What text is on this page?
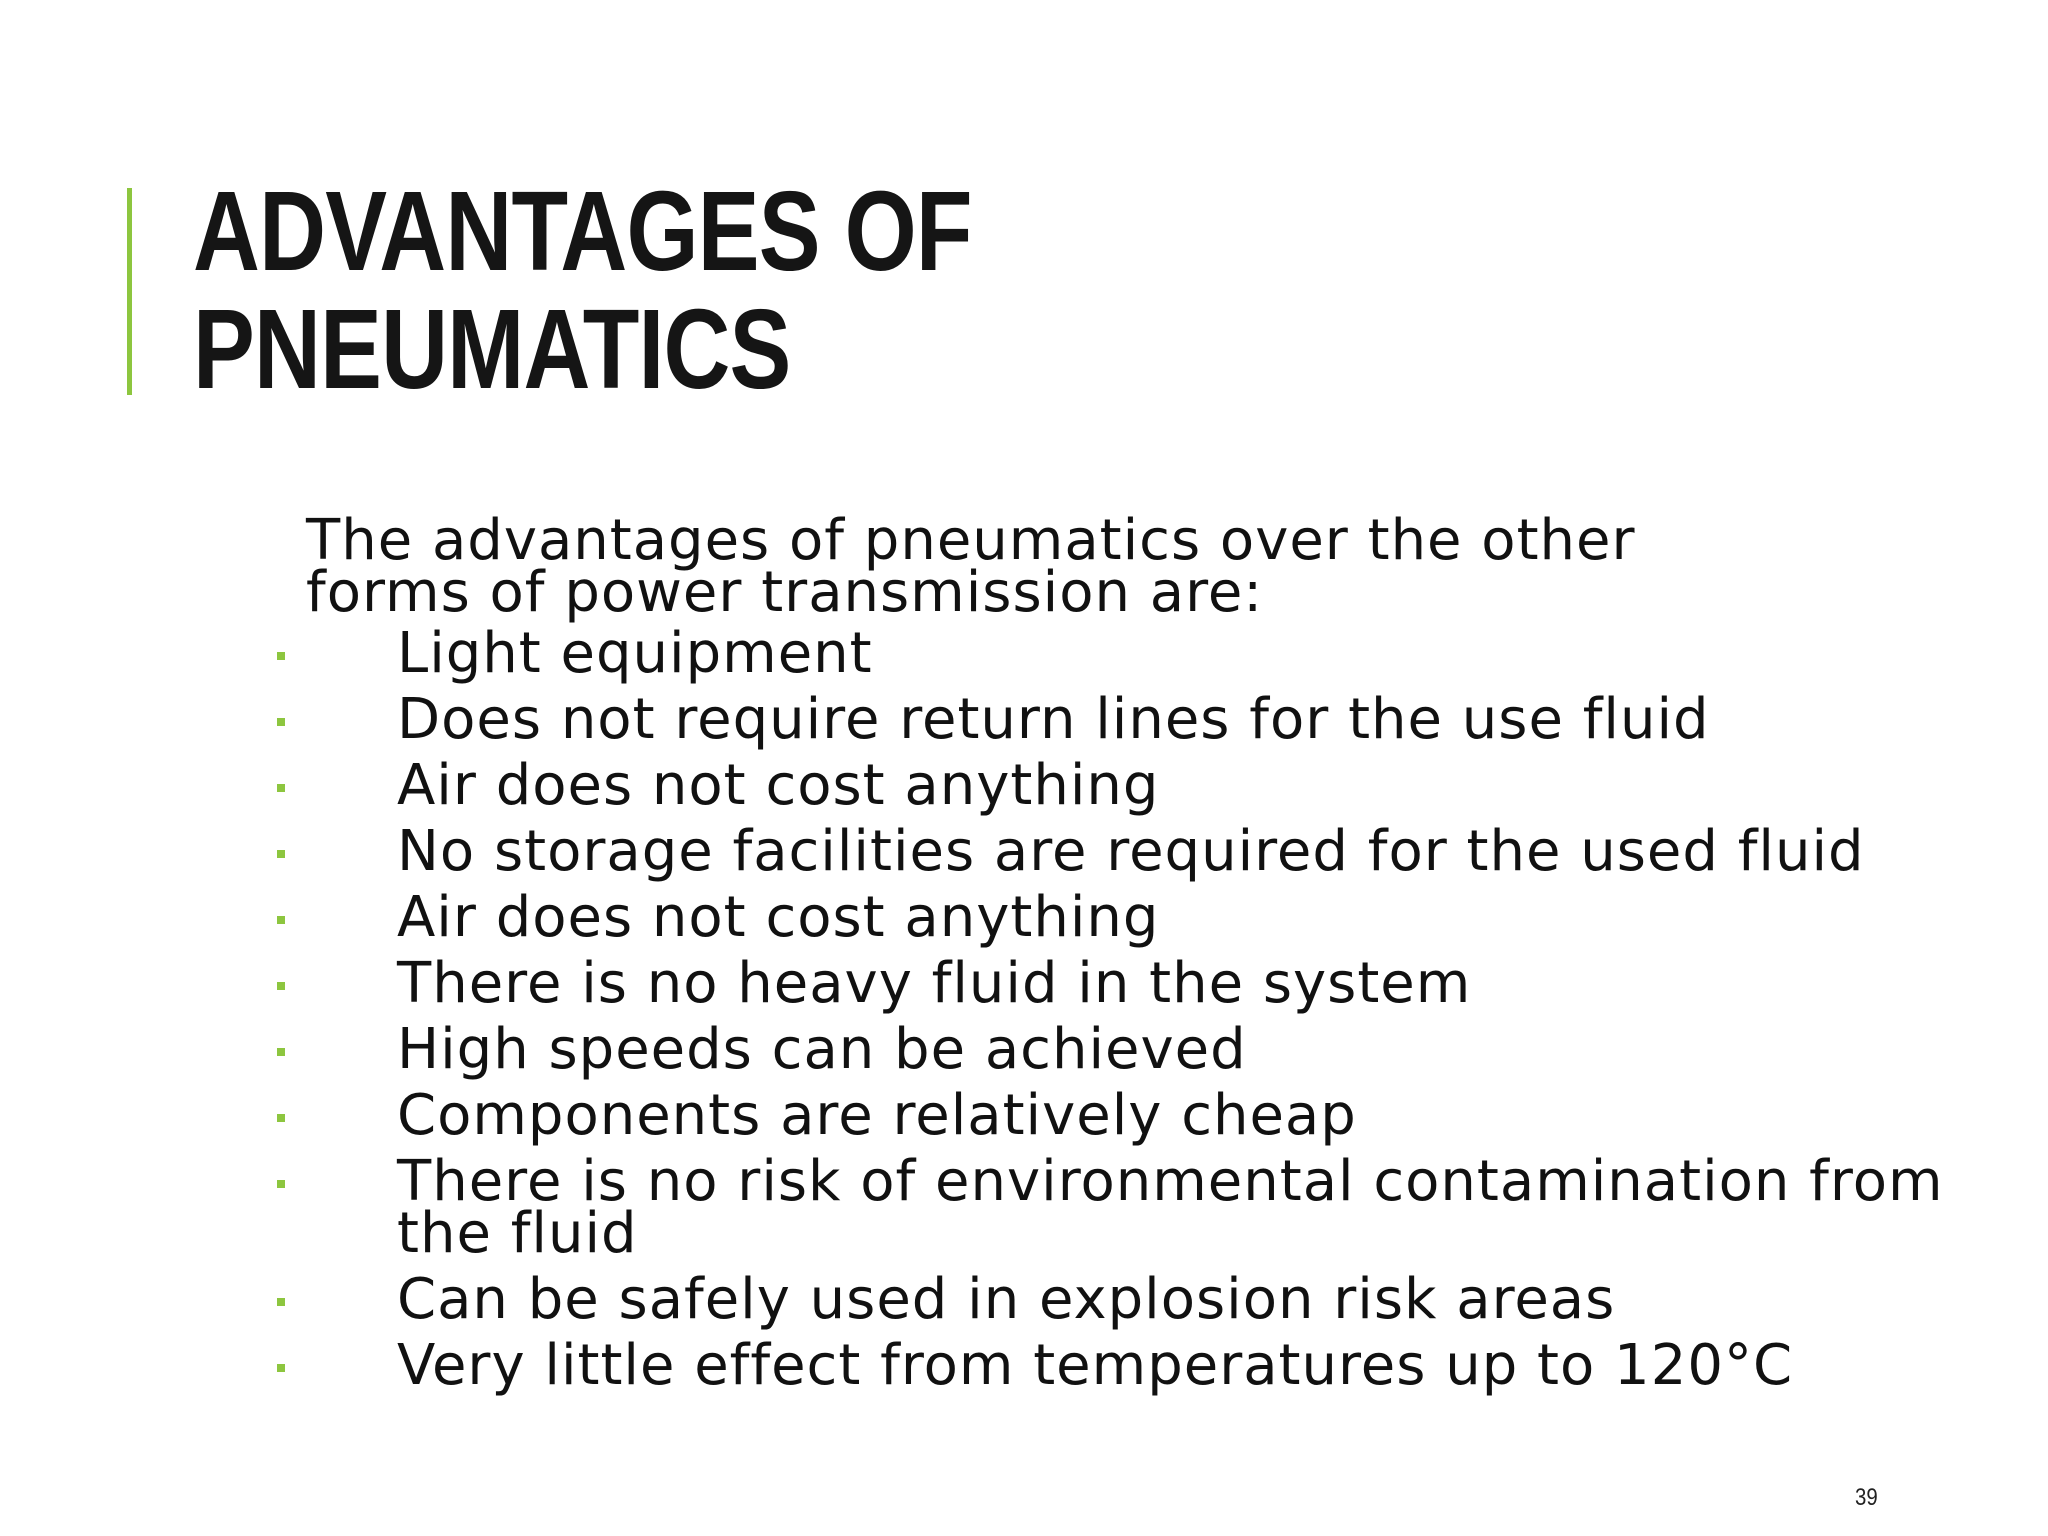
ADVANTAGES OF
PNEUMATICS

The advantages of pneumatics over the other
forms of power transmission are:

Light equipment
Does not require return lines for the use fluid
Air does not cost anything
No storage facilities are required for the used fluid
Air does not cost anything
There is no heavy fluid in the system
High speeds can be achieved
Components are relatively cheap
There is no risk of environmental contamination from the fluid
Can be safely used in explosion risk areas
Very little effect from temperatures up to 120°C
39
